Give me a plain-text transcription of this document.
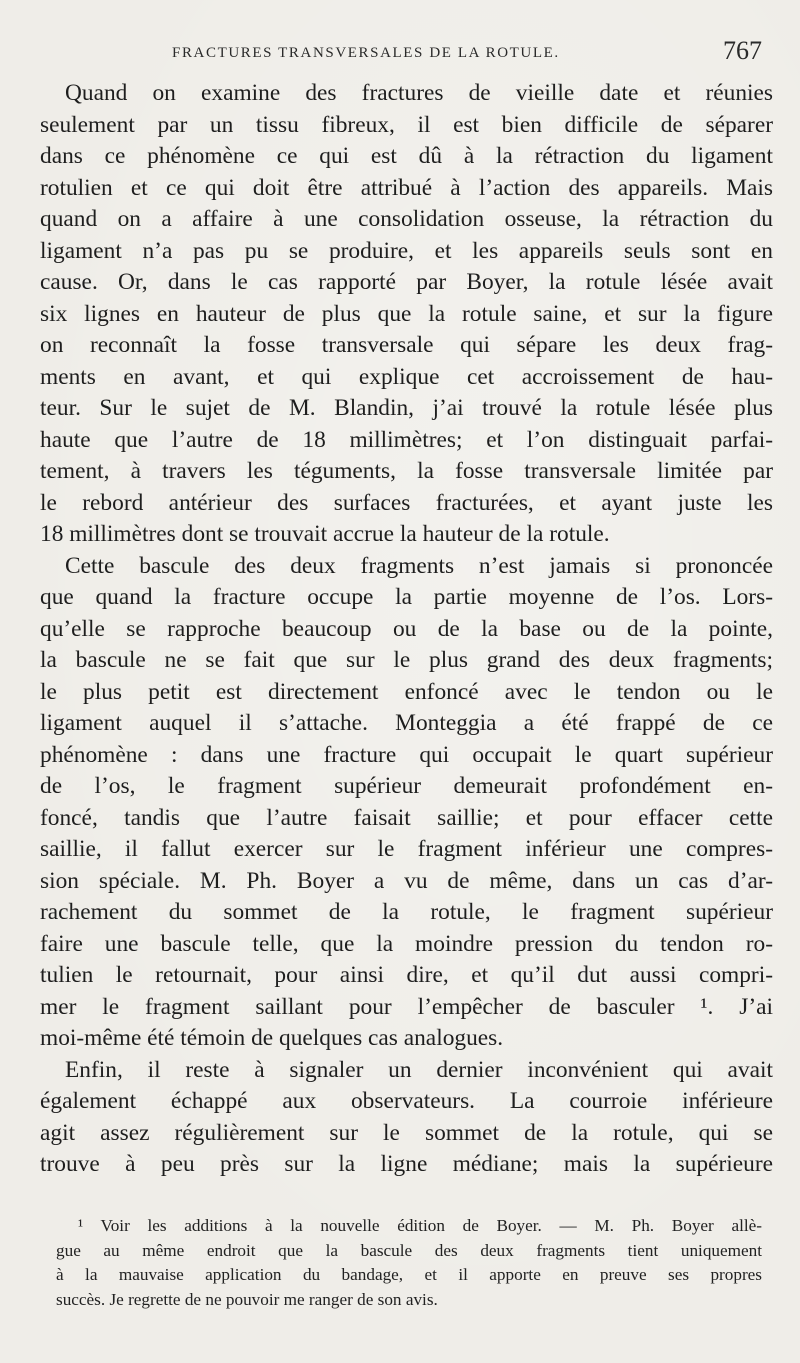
FRACTURES TRANSVERSALES DE LA ROTULE.	767
Quand on examine des fractures de vieille date et réunies
seulement par un tissu fibreux, il est bien difficile de séparer
dans ce phénomène ce qui est dû à la rétraction du ligament
rotulien et ce qui doit être attribué à l’action des appareils. Mais
quand on a affaire à une consolidation osseuse, la rétraction du
ligament n’a pas pu se produire, et les appareils seuls sont en
cause. Or, dans le cas rapporté par Boyer, la rotule lésée avait
six lignes en hauteur de plus que la rotule saine, et sur la figure
on reconnaît la fosse transversale qui sépare les deux frag-
ments en avant, et qui explique cet accroissement de hau-
teur. Sur le sujet de M. Blandin, j’ai trouvé la rotule lésée plus
haute que l’autre de 18 millimètres; et l’on distinguait parfai-
tement, à travers les téguments, la fosse transversale limitée par
le rebord antérieur des surfaces fracturées, et ayant juste les
18 millimètres dont se trouvait accrue la hauteur de la rotule.
Cette bascule des deux fragments n’est jamais si prononcée
que quand la fracture occupe la partie moyenne de l’os. Lors-
qu’elle se rapproche beaucoup ou de la base ou de la pointe,
la bascule ne se fait que sur le plus grand des deux fragments;
le plus petit est directement enfoncé avec le tendon ou le
ligament auquel il s’attache. Monteggia a été frappé de ce
phénomène : dans une fracture qui occupait le quart supérieur
de l’os, le fragment supérieur demeurait profondément en-
foncé, tandis que l’autre faisait saillie; et pour effacer cette
saillie, il fallut exercer sur le fragment inférieur une compres-
sion spéciale. M. Ph. Boyer a vu de même, dans un cas d’ar-
rachement du sommet de la rotule, le fragment supérieur
faire une bascule telle, que la moindre pression du tendon ro-
tulien le retournait, pour ainsi dire, et qu’il dut aussi compri-
mer le fragment saillant pour l’empêcher de basculer ¹. J’ai
moi-même été témoin de quelques cas analogues.
Enfin, il reste à signaler un dernier inconvénient qui avait
également échappé aux observateurs. La courroie inférieure
agit assez régulièrement sur le sommet de la rotule, qui se
trouve à peu près sur la ligne médiane; mais la supérieure
¹ Voir les additions à la nouvelle édition de Boyer. — M. Ph. Boyer allè-
gue au même endroit que la bascule des deux fragments tient uniquement
à la mauvaise application du bandage, et il apporte en preuve ses propres
succès. Je regrette de ne pouvoir me ranger de son avis.
